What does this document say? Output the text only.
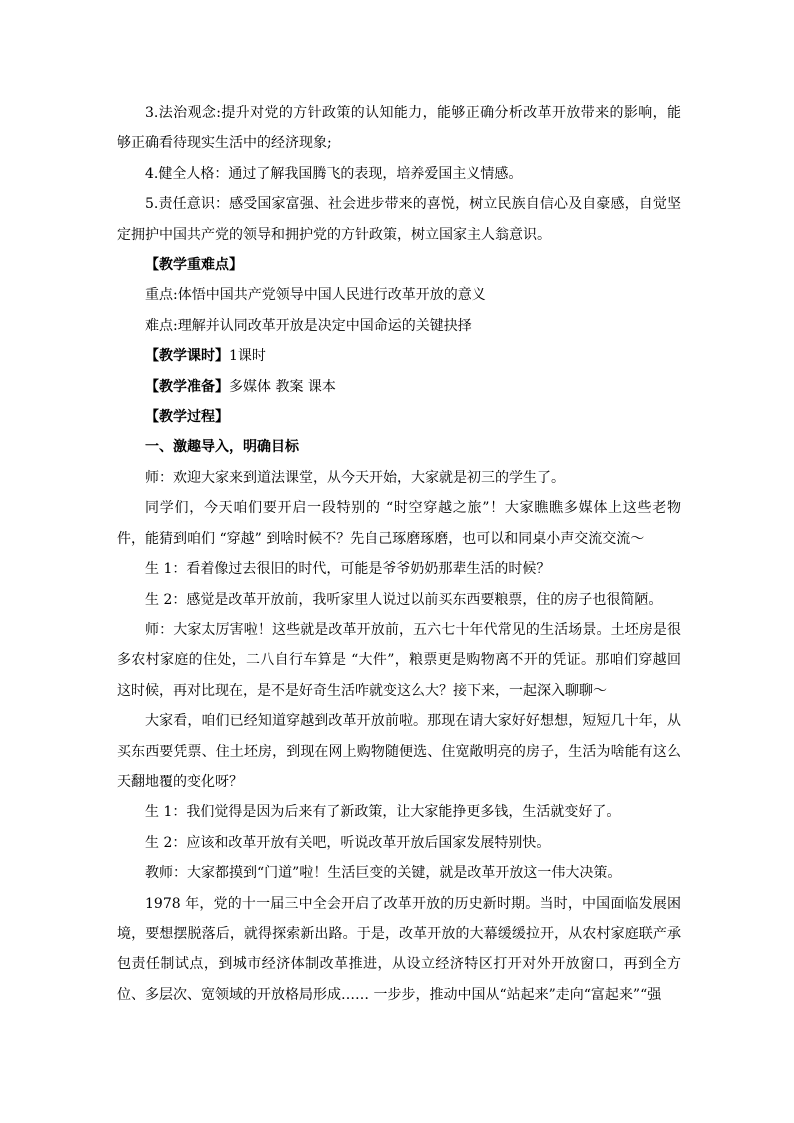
3.法治观念:提升对党的方针政策的认知能力，能够正确分析改革开放带来的影响，能够正确看待现实生活中的经济现象;

4.健全人格：通过了解我国腾飞的表现，培养爱国主义情感。

5.责任意识：感受国家富强、社会进步带来的喜悦，树立民族自信心及自豪感，自觉坚定拥护中国共产党的领导和拥护党的方针政策，树立国家主人翁意识。

【教学重难点】

重点:体悟中国共产党领导中国人民进行改革开放的意义

难点:理解并认同改革开放是决定中国命运的关键抉择

【教学课时】1课时

【教学准备】多媒体 教案 课本

【教学过程】

一、激趣导入，明确目标

师：欢迎大家来到道法课堂，从今天开始，大家就是初三的学生了。

同学们，今天咱们要开启一段特别的 “时空穿越之旅”！大家瞧瞧多媒体上这些老物件，能猜到咱们 “穿越” 到啥时候不？先自己琢磨琢磨，也可以和同桌小声交流交流～

生 1：看着像过去很旧的时代，可能是爷爷奶奶那辈生活的时候？

生 2：感觉是改革开放前，我听家里人说过以前买东西要粮票，住的房子也很简陋。

师：大家太厉害啦！这些就是改革开放前，五六七十年代常见的生活场景。土坯房是很多农村家庭的住处，二八自行车算是 “大件”，粮票更是购物离不开的凭证。那咱们穿越回这时候，再对比现在，是不是好奇生活咋就变这么大？接下来，一起深入聊聊～

大家看，咱们已经知道穿越到改革开放前啦。那现在请大家好好想想，短短几十年，从买东西要凭票、住土坯房，到现在网上购物随便选、住宽敞明亮的房子，生活为啥能有这么天翻地覆的变化呀？

生 1：我们觉得是因为后来有了新政策，让大家能挣更多钱，生活就变好了。

生 2：应该和改革开放有关吧，听说改革开放后国家发展特别快。

教师：大家都摸到“门道”啦！生活巨变的关键，就是改革开放这一伟大决策。

1978 年，党的十一届三中全会开启了改革开放的历史新时期。当时，中国面临发展困境，要想摆脱落后，就得探索新出路。于是，改革开放的大幕缓缓拉开，从农村家庭联产承包责任制试点，到城市经济体制改革推进，从设立经济特区打开对外开放窗口，再到全方位、多层次、宽领域的开放格局形成…… 一步步，推动中国从“站起来”走向“富起来”“强
